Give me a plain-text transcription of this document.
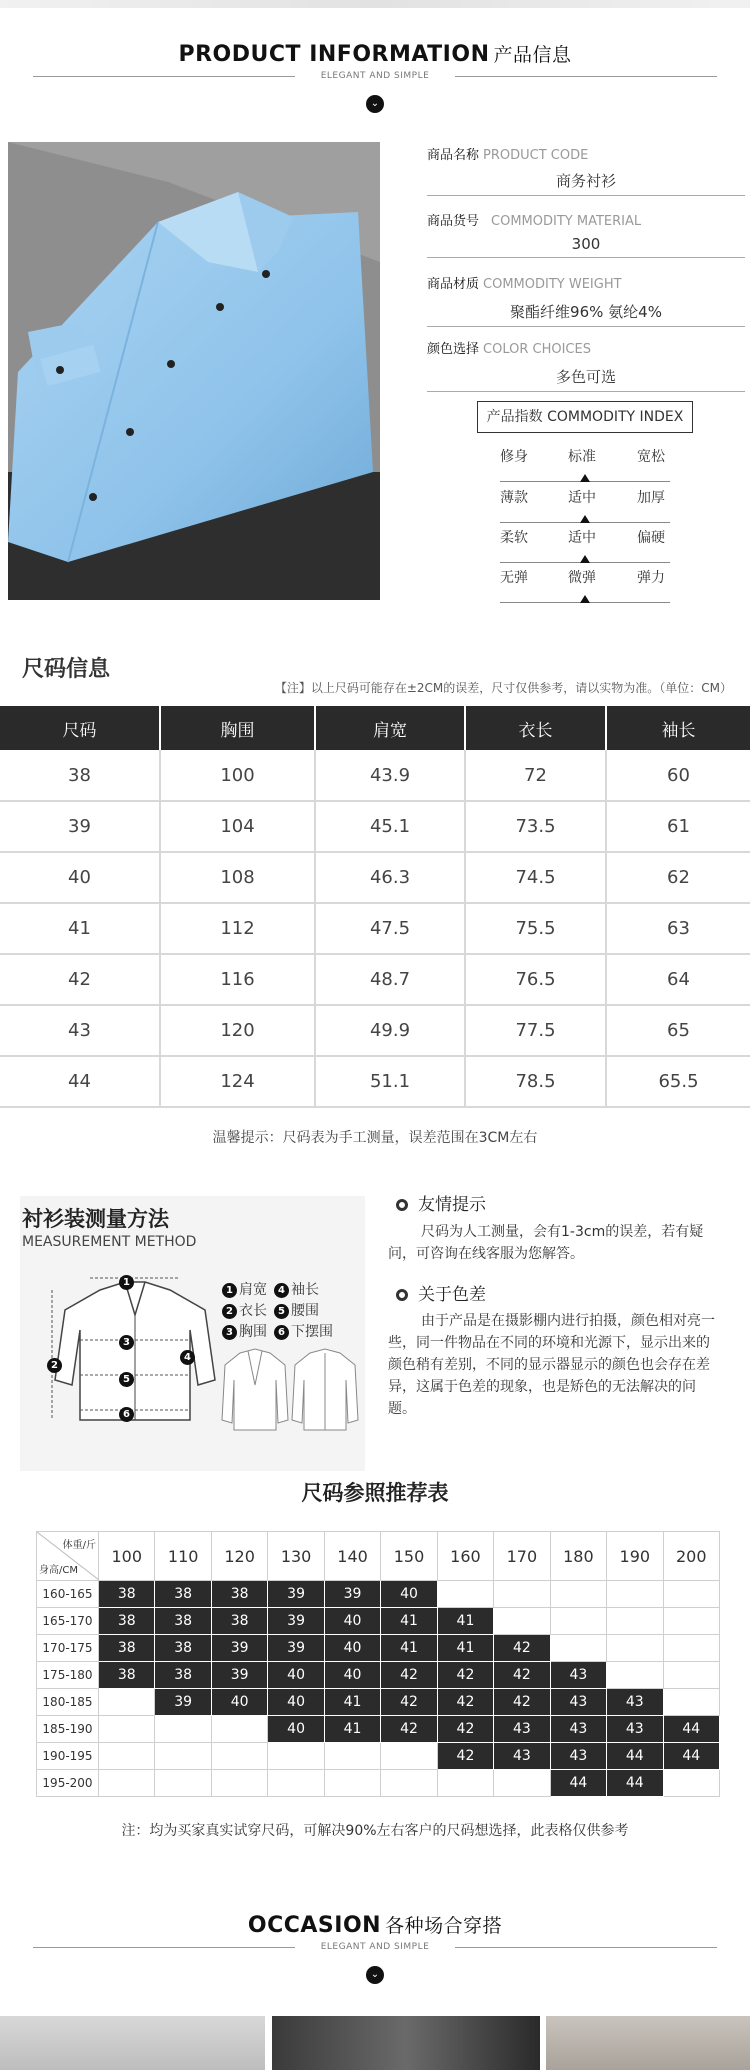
PRODUCT INFORMATION 产品信息
ELEGANT AND SIMPLE
⌄
商品名称 PRODUCT CODE
商务衬衫
商品货号 COMMODITY MATERIAL
300
商品材质 COMMODITY WEIGHT
聚酯纤维96% 氨纶4%
颜色选择 COLOR CHOICES
多色可选
产品指数 COMMODITY INDEX
修身	标准	宽松
薄款	适中	加厚
柔软	适中	偏硬
无弹	微弹	弹力
尺码信息
【注】以上尺码可能存在±2CM的误差，尺寸仅供参考，请以实物为准。（单位：CM）
尺码	胸围	肩宽	衣长	袖长
38	100	43.9	72	60
39	104	45.1	73.5	61
40	108	46.3	74.5	62
41	112	47.5	75.5	63
42	116	48.7	76.5	64
43	120	49.9	77.5	65
44	124	51.1	78.5	65.5
温馨提示：尺码表为手工测量，误差范围在3CM左右
衬衫装测量方法
MEASUREMENT METHOD
1
2
3
4
5
6
1 肩宽	4 袖长
2 衣长	5 腰围
3 胸围	6 下摆围
友情提示
尺码为人工测量，会有1-3cm的误差，若有疑问，可咨询在线客服为您解答。
关于色差
由于产品是在摄影棚内进行拍摄，颜色相对亮一些，同一件物品在不同的环境和光源下，显示出来的颜色稍有差别，不同的显示器显示的颜色也会存在差异，这属于色差的现象，也是矫色的无法解决的问题。
尺码参照推荐表
体重/斤
身高/CM	100	110	120	130	140	150	160	170	180	190	200
160-165	38	38	38	39	39	40					
165-170	38	38	38	39	40	41	41				
170-175	38	38	39	39	40	41	41	42			
175-180	38	38	39	40	40	42	42	42	43		
180-185		39	40	40	41	42	42	42	43	43	
185-190				40	41	42	42	43	43	43	44
190-195							42	43	43	44	44
195-200									44	44	
注：均为买家真实试穿尺码，可解决90%左右客户的尺码想选择，此表格仅供参考
OCCASION 各种场合穿搭
ELEGANT AND SIMPLE
⌄
